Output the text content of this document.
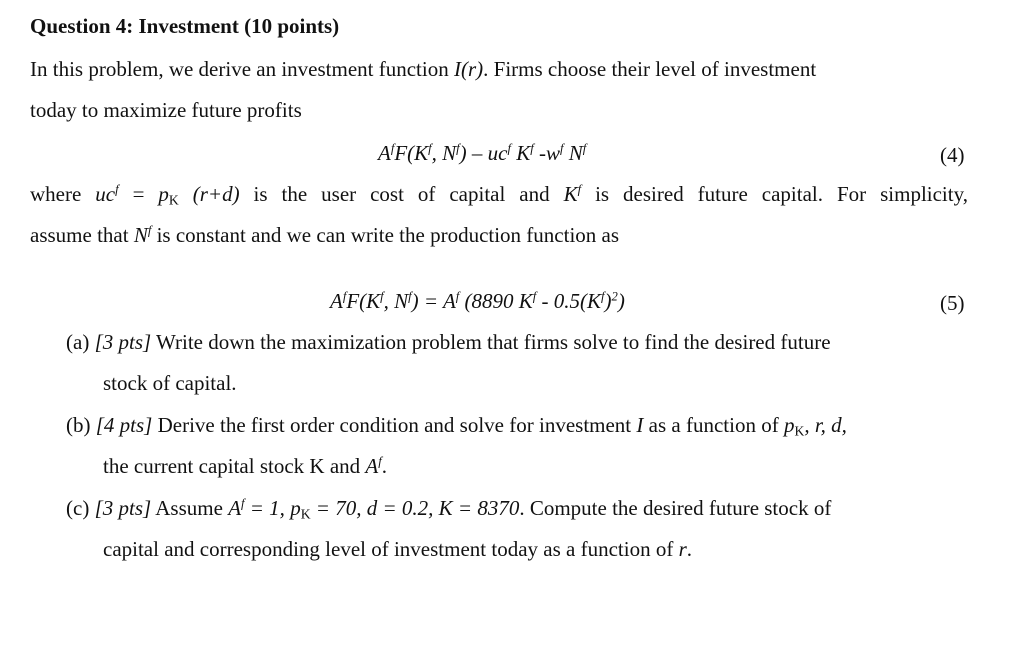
Question 4: Investment (10 points)
In this problem, we derive an investment function I(r). Firms choose their level of investment
today to maximize future profits
$A^fF(K^f$, $N^f) - uc^f$ $K^f$ $-w^f$ $N^f$	(4)
where $uc^f = p_K$ (r+d) is the user cost of capital and $K^f$ is desired future capital. For simplicity,
assume that $N^f$ is constant and we can write the production function as
$A^fF(K^f$, $N^f) = A^f$ (8890 $K^f - 0.5(K^f)^2$)	(5)
(a) [3 pts] Write down the maximization problem that firms solve to find the desired future
stock of capital.
(b) [4 pts] Derive the first order condition and solve for investment I as a function of $p_K$, r, d,
the current capital stock K and $A^f$.
(c) [3 pts] Assume $A^f = 1$, $p_K = 70$, d = 0.2, K = 8370. Compute the desired future stock of
capital and corresponding level of investment today as a function of r.
